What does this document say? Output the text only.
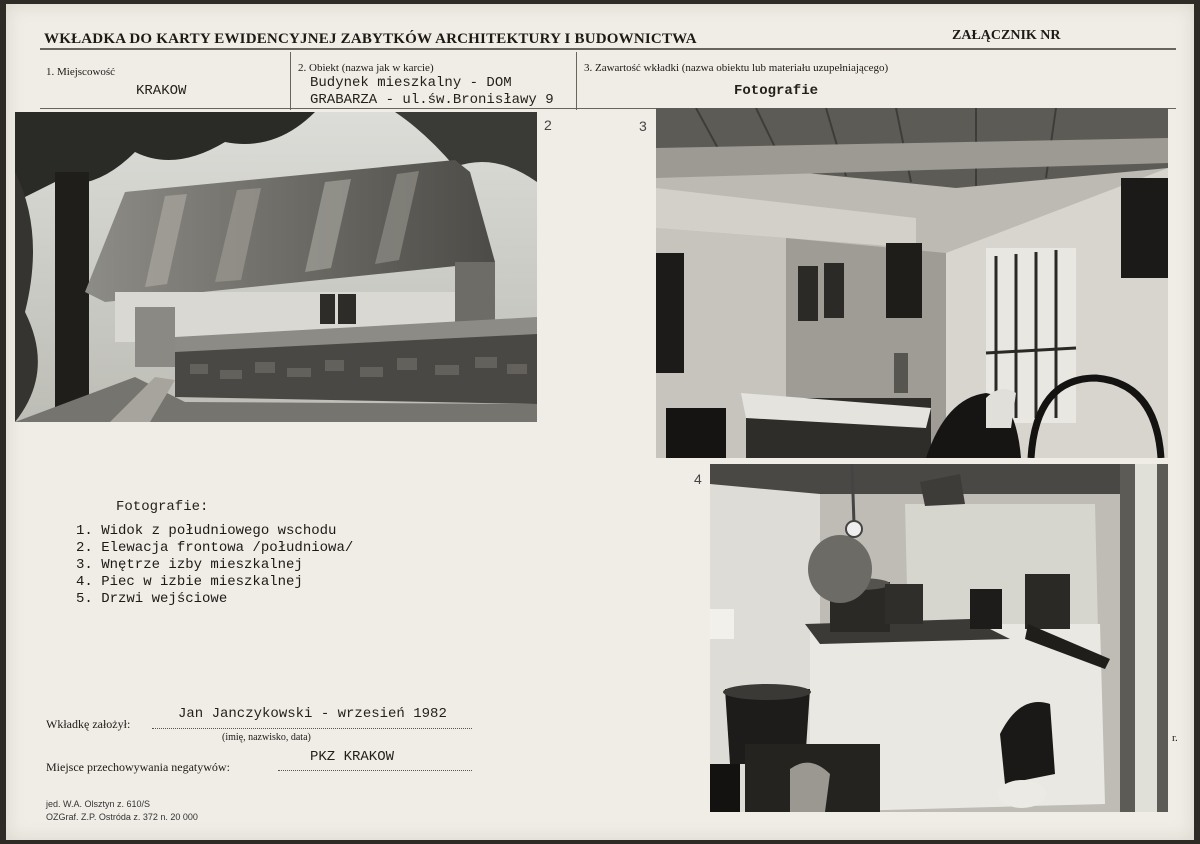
WKŁADKA DO KARTY EWIDENCYJNEJ ZABYTKÓW ARCHITEKTURY I BUDOWNICTWA	ZAŁĄCZNIK NR
1. Miejscowość
KRAKOW
2. Obiekt (nazwa jak w karcie)
Budynek mieszkalny - DOM
GRABARZA - ul.św.Bronisławy 9
3. Zawartość wkładki (nazwa obiektu lub materiału uzupełniającego)
Fotografie
2	3
4
r.
Fotografie:
1. Widok z południowego wschodu
2. Elewacja frontowa /południowa/
3. Wnętrze izby mieszkalnej
4. Piec w izbie mieszkalnej
5. Drzwi wejściowe
Wkładkę założył:
Jan Janczykowski - wrzesień 1982
(imię, nazwisko, data)
Miejsce przechowywania negatywów:
PKZ KRAKOW
jed. W.A. Olsztyn z. 610/S
OZGraf. Z.P. Ostróda z. 372 n. 20 000
